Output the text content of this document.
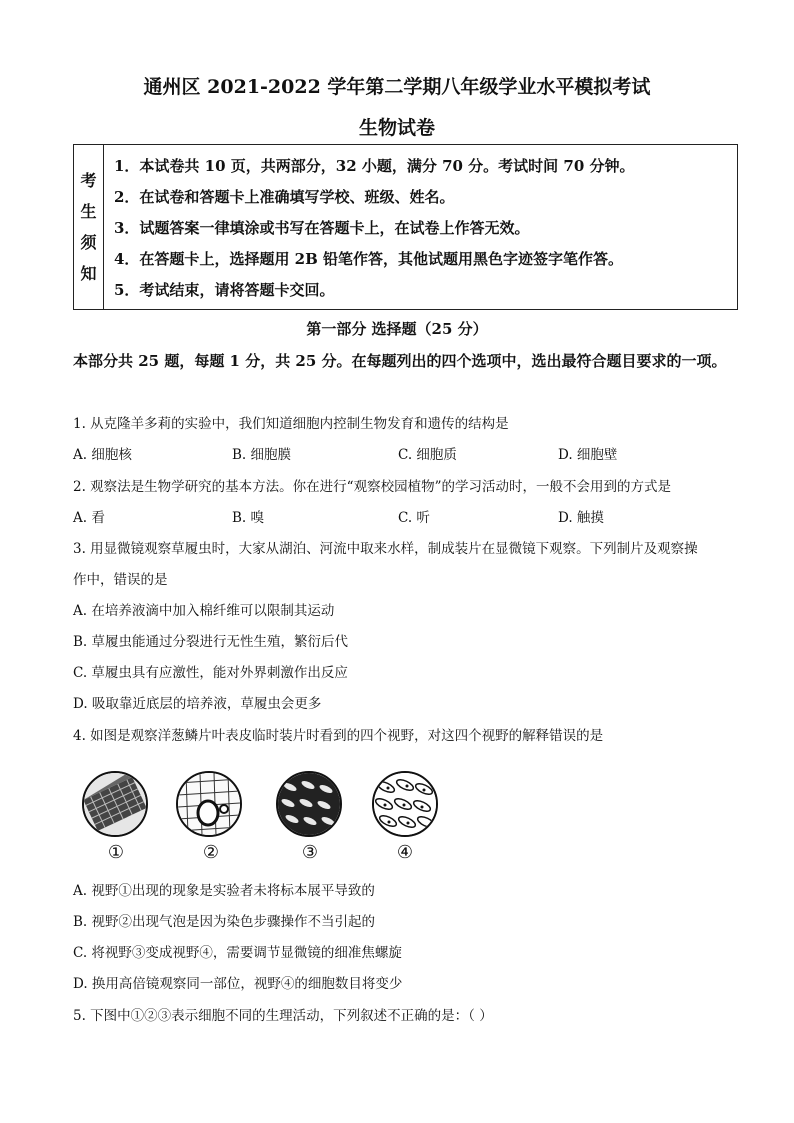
通州区 2021-2022 学年第二学期八年级学业水平模拟考试
生物试卷
考
生
须
知
1．本试卷共 10 页，共两部分，32 小题，满分 70 分。考试时间 70 分钟。
2．在试卷和答题卡上准确填写学校、班级、姓名。
3．试题答案一律填涂或书写在答题卡上，在试卷上作答无效。
4．在答题卡上，选择题用 2B 铅笔作答，其他试题用黑色字迹签字笔作答。
5．考试结束，请将答题卡交回。
第一部分 选择题（25 分）
本部分共 25 题，每题 1 分，共 25 分。在每题列出的四个选项中，选出最符合题目要求的一项。
1. 从克隆羊多莉的实验中，我们知道细胞内控制生物发育和遗传的结构是
A. 细胞核	B. 细胞膜	C. 细胞质	D. 细胞壁
2. 观察法是生物学研究的基本方法。你在进行“观察校园植物”的学习活动时，一般不会用到的方式是
A. 看	B. 嗅	C. 听	D. 触摸
3. 用显微镜观察草履虫时，大家从湖泊、河流中取来水样，制成装片在显微镜下观察。下列制片及观察操
作中，错误的是
A. 在培养液滴中加入棉纤维可以限制其运动
B. 草履虫能通过分裂进行无性生殖，繁衍后代
C. 草履虫具有应激性，能对外界刺激作出反应
D. 吸取靠近底层的培养液，草履虫会更多
4. 如图是观察洋葱鳞片叶表皮临时装片时看到的四个视野，对这四个视野的解释错误的是
①	②	③	④
A. 视野①出现的现象是实验者未将标本展平导致的
B. 视野②出现气泡是因为染色步骤操作不当引起的
C. 将视野③变成视野④，需要调节显微镜的细准焦螺旋
D. 换用高倍镜观察同一部位，视野④的细胞数目将变少
5. 下图中①②③表示细胞不同的生理活动，下列叙述不正确的是：（ ）
